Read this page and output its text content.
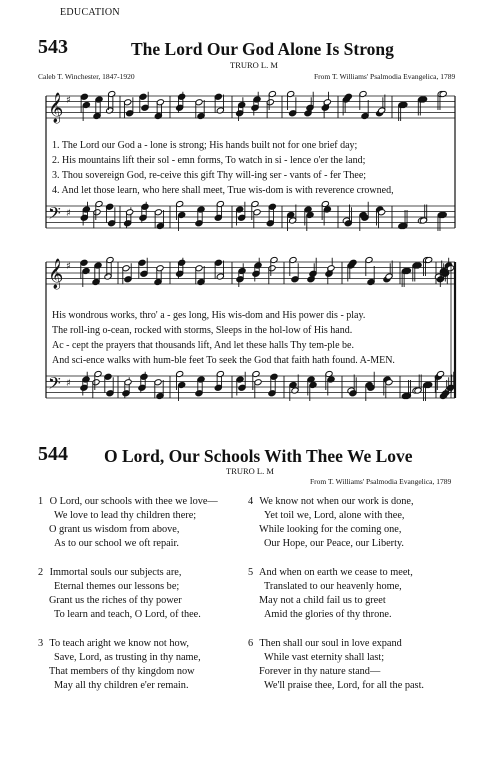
EDUCATION
543	The Lord Our God Alone Is Strong
TRURO L. M
Caleb T. Winchester, 1847-1920	From T. Williams' Psalmodia Evangelica, 1789
𝄞
𝄢
♯
♯
𝄞
𝄢
♯
♯
1. The Lord our God a - lone is strong; His hands built not for one brief day;
2. His mountains lift their sol - emn forms, To watch in si - lence o'er the land;
3. Thou sovereign God, re-ceive this gift Thy will-ing ser - vants of - fer Thee;
4. And let those learn, who here shall meet, True wis-dom is with reverence crowned,
His wondrous works, thro' a - ges long, His wis-dom and His power dis - play.
The roll-ing o-cean, rocked with storms, Sleeps in the hol-low of His hand.
Ac - cept the prayers that thousands lift, And let these halls Thy tem-ple be.
And sci-ence walks with hum-ble feet To seek the God that faith hath found. A-MEN.
544 O Lord, Our Schools With Thee We Love
TRURO L. M
From T. Williams' Psalmodia Evangelica, 1789
1 O Lord, our schools with thee we love—
We love to lead thy children there;
O grant us wisdom from above,
As to our school we oft repair.
2 Immortal souls our subjects are,
Eternal themes our lessons be;
Grant us the riches of thy power
To learn and teach, O Lord, of thee.
3 To teach aright we know not how,
Save, Lord, as trusting in thy name,
That members of thy kingdom now
May all thy children e'er remain.
4 We know not when our work is done,
Yet toil we, Lord, alone with thee,
While looking for the coming one,
Our Hope, our Peace, our Liberty.
5 And when on earth we cease to meet,
Translated to our heavenly home,
May not a child fail us to greet
Amid the glories of thy throne.
6 Then shall our soul in love expand
While vast eternity shall last;
Forever in thy nature stand—
We'll praise thee, Lord, for all the past.
